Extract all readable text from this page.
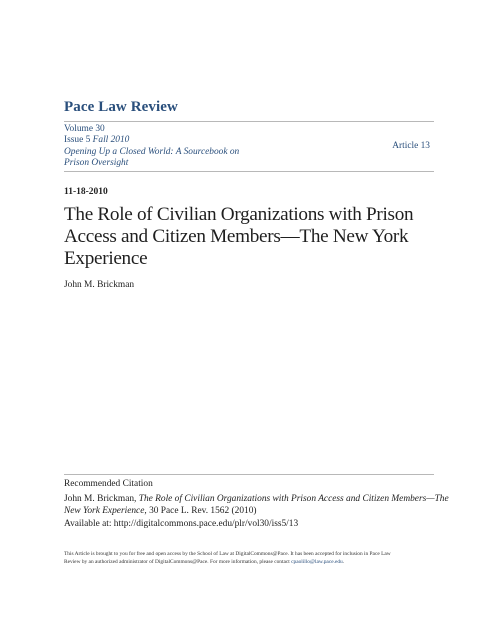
Pace Law Review
Volume 30
Issue 5 Fall 2010
Opening Up a Closed World: A Sourcebook on
Prison Oversight
Article 13
11-18-2010
The Role of Civilian Organizations with Prison Access and Citizen Members—The New York Experience
John M. Brickman
Recommended Citation
John M. Brickman, The Role of Civilian Organizations with Prison Access and Citizen Members—The
New York Experience, 30 Pace L. Rev. 1562 (2010)
Available at: http://digitalcommons.pace.edu/plr/vol30/iss5/13
This Article is brought to you for free and open access by the School of Law at DigitalCommons@Pace. It has been accepted for inclusion in Pace Law
Review by an authorized administrator of DigitalCommons@Pace. For more information, please contact cpaolillo@law.pace.edu.
